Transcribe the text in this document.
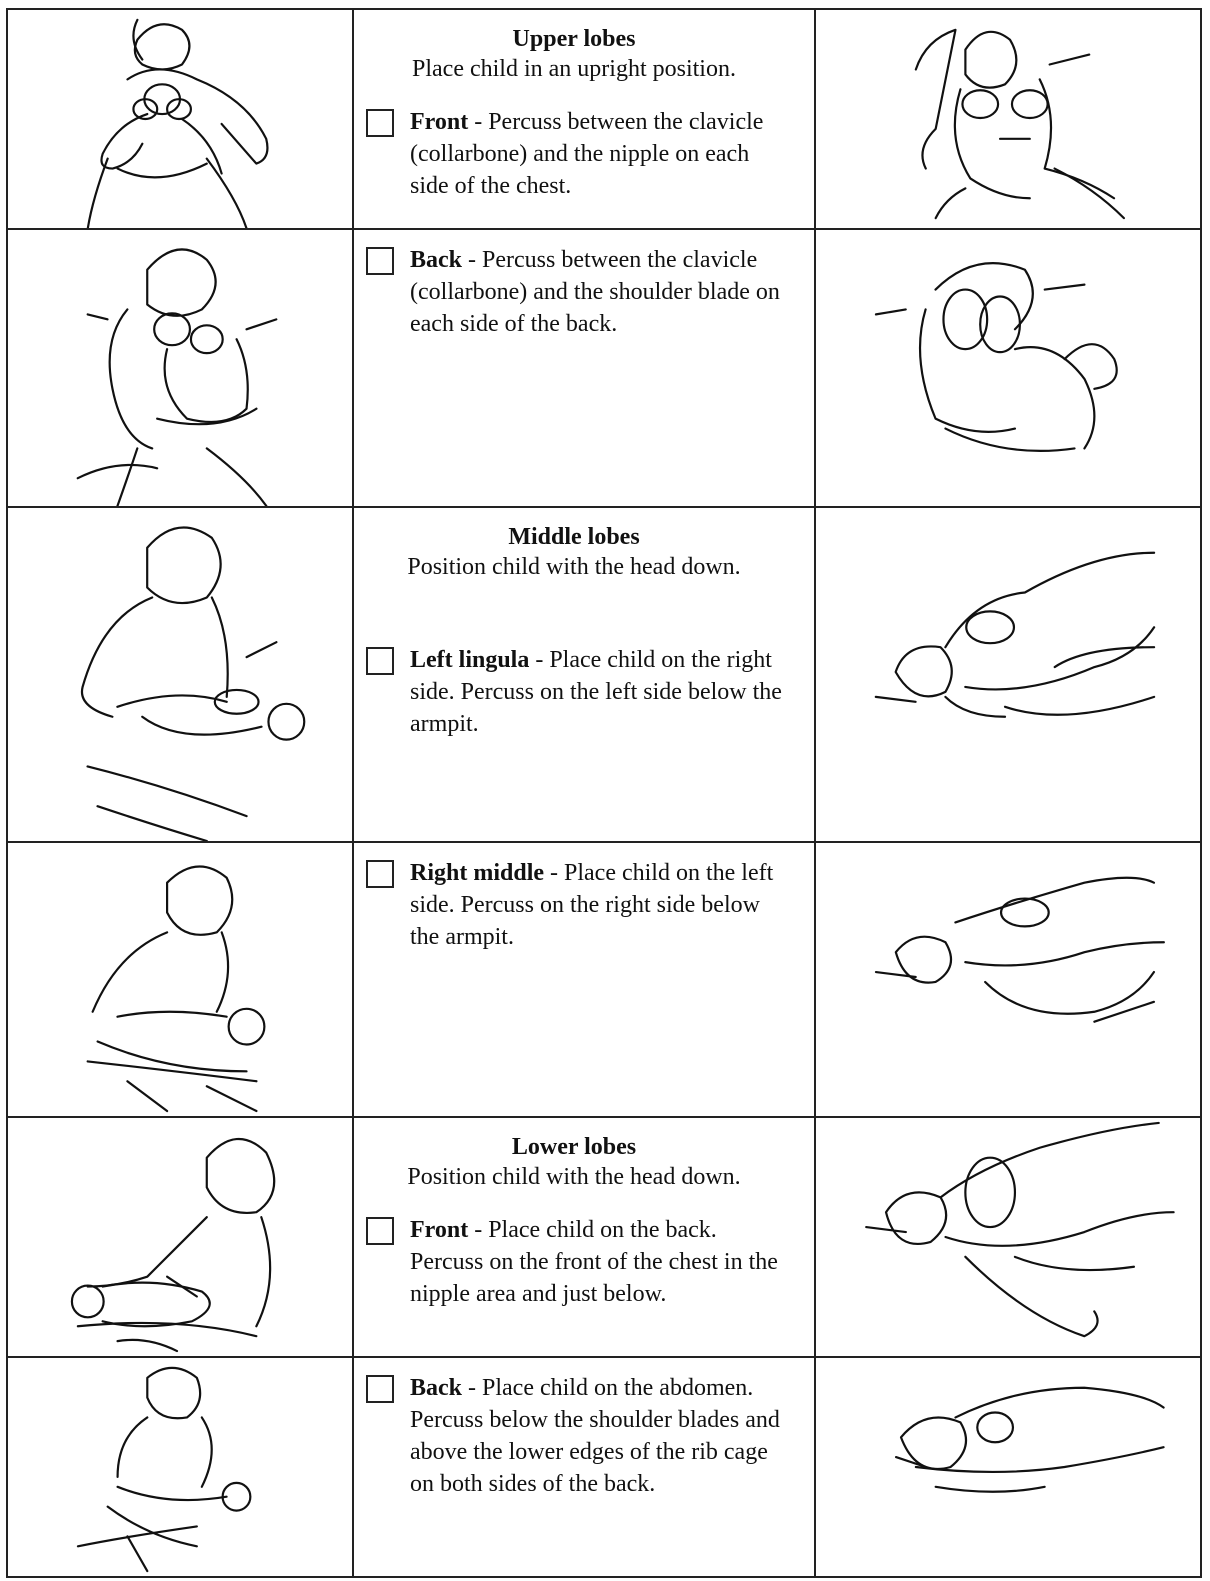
Upper lobes

Place child in an upright position.

Front - Percuss between the clavicle (collarbone) and the nipple on each side of the chest.

Back - Percuss between the clavicle (collarbone) and the shoulder blade on each side of the back.

Middle lobes

Position child with the head down.

Left lingula - Place child on the right side. Percuss on the left side below the armpit.

Right middle - Place child on the left side. Percuss on the right side below the armpit.

Lower lobes

Position child with the head down.

Front - Place child on the back. Percuss on the front of the chest in the nipple area and just below.

Back - Place child on the abdomen. Percuss below the shoulder blades and above the lower edges of the rib cage on both sides of the back.
